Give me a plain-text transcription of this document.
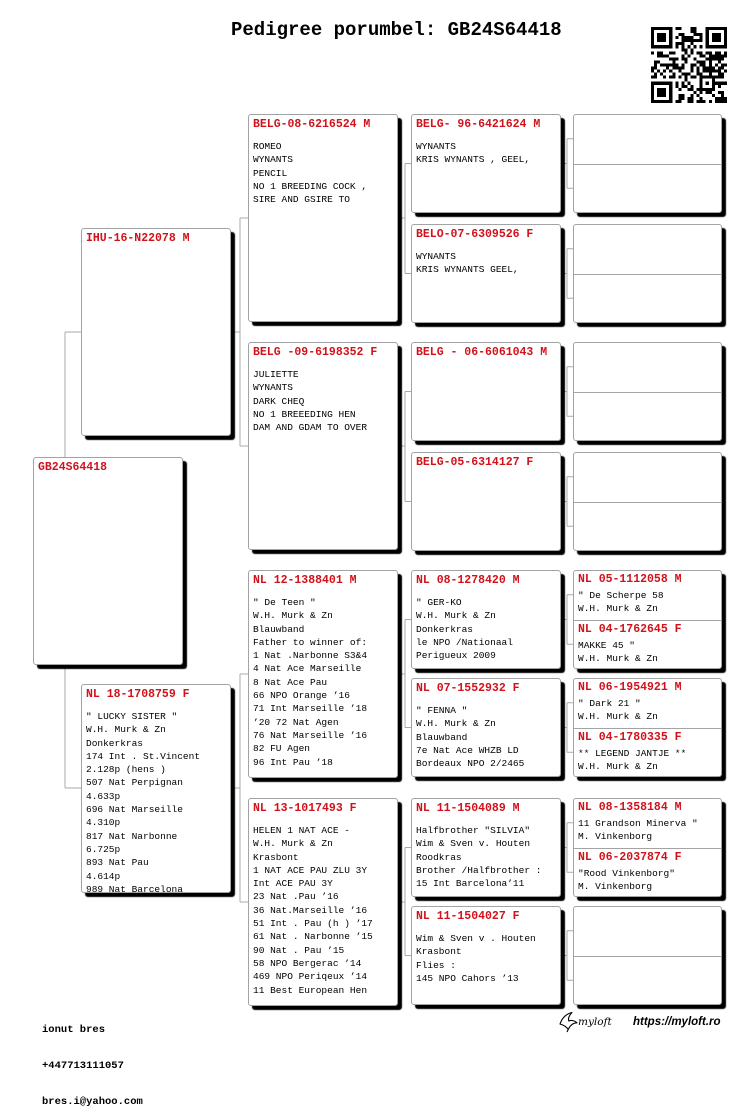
Pedigree porumbel: GB24S64418
GB24S64418
IHU-16-N22078 M
NL 18-1708759 F
" LUCKY SISTER "
W.H. Murk & Zn
Donkerkras
174 Int . St.Vincent
2.128p (hens )
507 Nat Perpignan
4.633p
696 Nat Marseille
4.310p
817 Nat Narbonne
6.725p
893 Nat Pau
4.614p
989 Nat Barcelona
BELG-08-6216524 M
ROMEO
WYNANTS
PENCIL
NO 1 BREEDING COCK ,
SIRE AND GSIRE TO
BELG -09-6198352 F
JULIETTE
WYNANTS
DARK CHEQ
NO 1 BREEEDING HEN
DAM AND GDAM TO OVER
NL 12-1388401 M
" De Teen "
W.H. Murk & Zn
Blauwband
Father to winner of:
1 Nat .Narbonne S3&4
4 Nat Ace Marseille
8 Nat Ace Pau
66 NPO Orange ’16
71 Int Marseille ’18
’20 72 Nat Agen
76 Nat Marseille ’16
82 FU Agen
96 Int Pau ’18
NL 13-1017493 F
HELEN 1 NAT ACE -
W.H. Murk & Zn
Krasbont
1 NAT ACE PAU ZLU 3Y
Int ACE PAU 3Y
23 Nat .Pau ’16
36 Nat.Marseille ’16
51 Int . Pau (h ) ’17
61 Nat . Narbonne ’15
90 Nat . Pau ’15
58 NPO Bergerac ’14
469 NPO Periqeux ’14
11 Best European Hen
BELG- 96-6421624 M
WYNANTS
KRIS WYNANTS , GEEL,
BELO-07-6309526 F
WYNANTS
KRIS WYNANTS GEEL,
BELG - 06-6061043 M
BELG-05-6314127 F
NL 08-1278420 M
" GER-KO
W.H. Murk & Zn
Donkerkras
le NPO /Nationaal
Perigueux 2009
NL 07-1552932 F
" FENNA "
W.H. Murk & Zn
Blauwband
7e Nat Ace WHZB LD
Bordeaux NPO 2/2465
NL 11-1504089 M
Halfbrother "SILVIA"
Wim & Sven v. Houten
Roodkras
Brother /Halfbrother :
15 Int Barcelona’11
NL 11-1504027 F
Wim & Sven v . Houten
Krasbont
Flies :
145 NPO Cahors ’13
NL 05-1112058 M
" De Scherpe 58
W.H. Murk & Zn
NL 04-1762645 F
MAKKE 45 "
W.H. Murk & Zn
NL 06-1954921 M
" Dark 21 "
W.H. Murk & Zn
NL 04-1780335 F
** LEGEND JANTJE **
W.H. Murk & Zn
NL 08-1358184 M
11 Grandson Minerva "
M. Vinkenborg
NL 06-2037874 F
"Rood Vinkenborg"
M. Vinkenborg

ionut bres

+447713111057

bres.i@yahoo.com

myloft https://myloft.ro
